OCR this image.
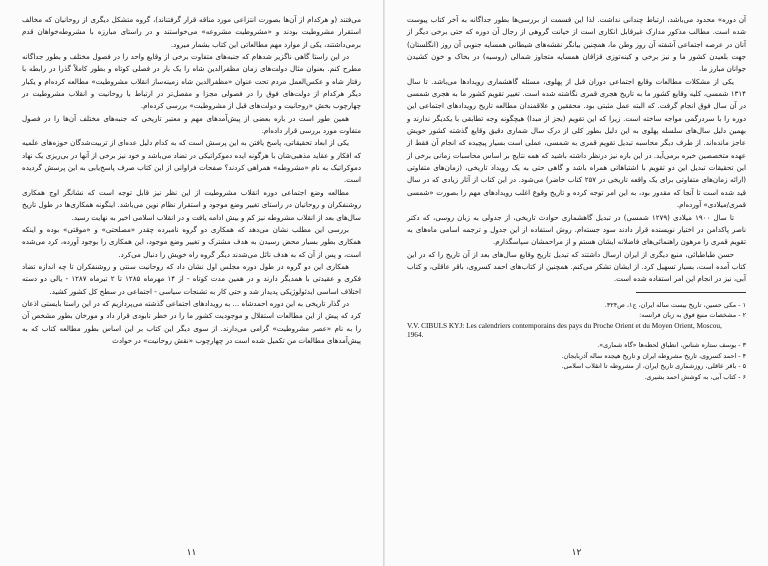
می‌فتند (و هرکدام از آن‌ها بصورت انتزاعی مورد مناقه قرار گرفتناند)، گروه متشکل دیگری از روحانیان که مخالف استقرار مشروطیت بودند و «مشروطیت مشروعه» می‌خواستند و در راستای مبارزه با مشروطه‌خواهان قدم برمی‌داشتند، یکی از موارد مهم مطالعاتی این کتاب بشمار میرود.

در این راستا گاهی ناگزیر شدهام که جنبه‌های متفاوت برخی از وقایع واحد را در فصول مختلف و بطور جداگانه مطرح کنم. بعنوان مثال دولت‌های زمان مظفرالدین شاه را یک بار در فصلی کوتاه و بطور کاملاً گذرا در رابطه با رفتار شاه و عکس‌العمل مردم تحت عنوان «مظفرالدین شاه زمینه‌ساز انقلاب مشروطیت» مطالعه کرده‌ام و یکبار دیگر هرکدام از دولت‌های فوق را در فصولی مجزا و مفصل‌تر در ارتباط با روحانیت و انقلاب مشروطیت در چهارچوب بخش «روحانیت و دولت‌های قبل از مشروطیت» بررسی کرده‌ام.

همین طور است در باره بعضی از پیش‌آمدهای مهم و معتبر تاریخی که جنبه‌های مختلف آن‌ها را در فصول متفاوت مورد بررسی قرار داده‌ام.

یکی از ابعاد تحقیقاتی، پاسخ یافتن به این پرسش است که به کدام دلیل عده‌ای از تربیت‌شدگان حوزه‌های علمیه که افکار و عقاید مذهبی‌شان با هرگونه ایده دموکراتیکی در تضاد می‌باشد و خود نیز برخی از آنها در بی‌ریزی یک نهاد دموکراتیک به نام «مشروطه» همراهی کردند؟ صفحات فراوانی از این کتاب صرف پاسخ‌یابی به این پرسش گردیده است.

مطالعه وضع اجتماعی دوره انقلاب مشروطیت از این نظر نیز قابل توجه است که نشانگر اوج همکاری روشنفکران و روحانیان در راستای تغییر وضع موجود و استقرار نظام نوین می‌باشد. اینگونه همکاری‌ها در طول تاریخ سال‌های بعد از انقلاب مشروطه نیز کم و بیش ادامه یافت و در انقلاب اسلامی اخیر به نهایت رسید.

بررسی این مطلب نشان می‌دهد که همکاری دو گروه نامبرده چقدر «مصلحتی» و «موقتی» بوده و اینکه همکاری بطور بسیار محض رسیدن به هدف مشترک و تغییر وضع موجود، این همکاری را بوجود آورده، کرد می‌شده است، و پس از آن که به هدف نائل می‌شدند دیگر گروه راه خویش را دنبال می‌کرد.

همکاری این دو گروه در طول دوره مجلس اول نشان داد که روحانیت سنتی و روشنفکران تا چه اندازه تضاد فکری و عقیدتی با همدیگر دارند و در همین مدت کوتاه - از ۱۴ مهرماه ۱۲۸۵ تا ۲ تیرماه ۱۲۸۷ - یالی دو دسته اختلاف اساسی ایدئولوژیکی پدیدار شد و حتی کار به تشنجات سیاسی - اجتماعی در سطح کل کشور کشید.

در گذار تاریخی به این دوره احمدشاه ... به رویدادهای اجتماعی گذشته می‌پردازیم که در این راستا بایستی اذعان کرد که پیش از این مطالعات استقلال و موجودیت کشور ما را در خطر نابودی قرار داد و مورخان بطور مشخص آن را به نام «عصر مشروطیت» گرامی می‌دارند. از سوی دیگر این کتاب بر این اساس بطور مطالعه کتاب که به پیش‌آمدهای مطالعات من تکمیل شده است در چهارچوب «نقش روحانیت» در حوادث

۱۱

آن دوره» محدود می‌باشد، ارتباط چندانی نداشت. لذا این قسمت از بررسی‌ها بطور جداگانه به آخر کتاب پیوست شده است. مطالب مذکور مدارک غیرقابل انکاری است از خیانت گروهی از رجال آن دوره که حتی برخی دیگر از آنان در عرصه اجتماعی آشفته آن روز وطن ما، همچنین بیانگر نقشه‌های شیطانی همسایه جنوبی آن روز (انگلستان) جهت بلعیدن کشور ما و نیز برخی و کینه‌توزی قزاقان همسایه متجاوز شمالی (روسیه) در بخاک و خون کشیدن جوانان مبارز ما.

یکی از مشکلات مطالعات وقایع اجتماعی دوران قبل از پهلوی، مسئله گاهشماری رویدادها می‌باشد. تا سال ۱۳۱۴ شمسی، کلیه وقایع کشور ما به تاریخ هجری قمری نگاشته شده است. تغییر تقویم کشور ما به هجری شمسی در آن سال فوق انجام گرفت. که البته عمل مثبتی بود. محققین و علاقمندان مطالعه تاریخ رویدادهای اجتماعی این دوره را با سردرگمی مواجه ساخته است. زیرا که این تقویم (بجز از مبدا) هیچگونه وجه تطابقی با یکدیگر ندارند و بهمین دلیل سال‌های سلسله پهلوی به این دلیل بطور کلی از درک سال شماری دقیق وقایع گذشته کشور خویش عاجز مانده‌اند. از طرف دیگر محاسبه تبدیل تقویم قمری به شمسی، عملی است بسیار پیچیده که انجام آن فقط از عهده متخصصین خبره برمی‌آید. در این باره نیز درنظر داشته باشید که همه نتایج بر اساس محاسبات زمانی برخی از این تحقیقات تبدیل این دو تقویم با اشتباهاتی همراه باشد و گاهی حتی به یک رویداد تاریخی، (زمان‌های متفاوتی (ارائه زمان‌های متفاوتی برای یک واقعه تاریخی در ۲۵۷ کتاب حاضر) می‌شود. در این کتاب از آثار زیادی که در سال قید شده است تا آنجا که مقدور بود، به این امر توجه کرده و تاریخ وقوع اغلب رویدادهای مهم را بصورت «شمسی قمری/میلادی» آورده‌ام.

تا سال ۱۹۰۰ میلادی (۱۲۷۹ شمسی) در تبدیل گاهشماری حوادث تاریخی، از جدولی به زبان روسی، که دکتر ناصر پاکدامن در اختیار نویسنده قرار دادند سود جسته‌ام. روش استفاده از این جدول و ترجمه اسامی ماه‌های به تقویم قمری را مرهون راهنمائی‌های فاضلانه ایشان هستم و از مراحمشان سپاسگذارم.

حسن طباطبائی، منبع دیگری از ایران ارسال داشتند که تبدیل تاریخ وقایع سال‌های بعد از آن تاریخ را که در این کتاب آمده است، بسیار تسهیل کرد. از ایشان تشکر می‌کنم. همچنین از کتاب‌های احمد کسروی، باقر عاقلی، و کتاب آبی، نیز در انجام این امر استفاده شده است.

۱ - مکی حسین، تاریخ بیست ساله ایران، ج۱، ص۳۲۴.
۲ - مشخصات منبع فوق به زبان فرانسه:
V.V. CIBULS KYJ: Les calendriers contemporains des pays du Proche Orient et du Moyen Orient, Moscou, 1964.
۳ - یوسف ستاره شناس، انطباق لحظه‌ها «گاه شماری».
۴ - احمد کسروی، تاریخ مشروطه ایران و تاریخ هیجده ساله آذربایجان.
۵ - باقر عاقلی، روزشماری تاریخ ایران، از مشروطه تا انقلاب اسلامی.
۶ - کتاب آبی، به کوشش احمد بشیری.
۱۲
